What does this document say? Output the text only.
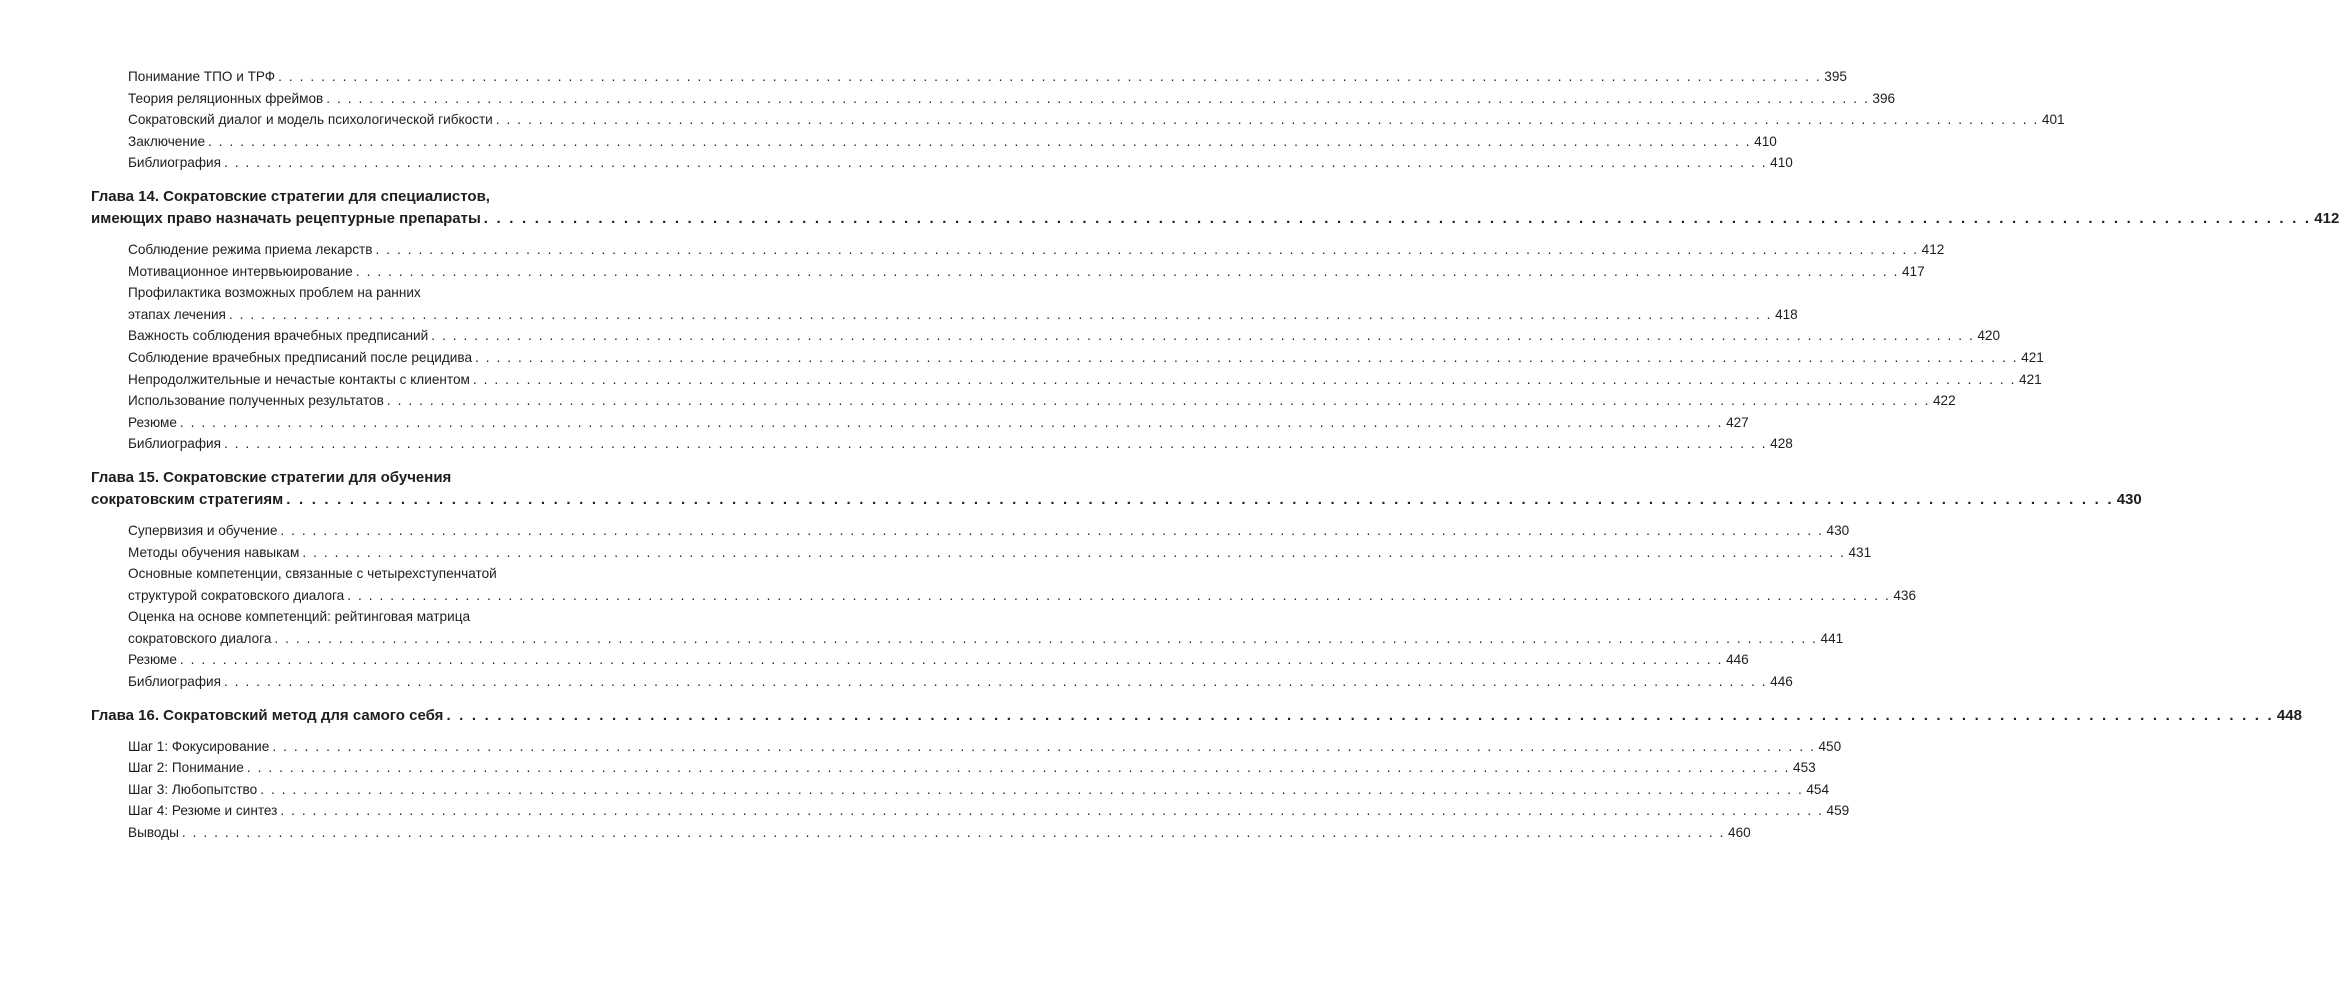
Понимание ТПО и ТРФ . . .	395
Теория реляционных фреймов . . .	396
Сократовский диалог и модель психологической гибкости . . .	401
Заключение . . .	410
Библиография . . .	410
Глава 14. Сократовские стратегии для специалистов,
имеющих право назначать рецептурные препараты . . .	412
Соблюдение режима приема лекарств . . .	412
Мотивационное интервьюирование . . .	417
Профилактика возможных проблем на ранних
этапах лечения . . .	418
Важность соблюдения врачебных предписаний . . .	420
Соблюдение врачебных предписаний после рецидива . . .	421
Непродолжительные и нечастые контакты с клиентом . . .	421
Использование полученных результатов . . .	422
Резюме . . .	427
Библиография . . .	428
Глава 15. Сократовские стратегии для обучения
сократовским стратегиям . . .	430
Супервизия и обучение . . .	430
Методы обучения навыкам . . .	431
Основные компетенции, связанные с четырехступенчатой
структурой сократовского диалога . . .	436
Оценка на основе компетенций: рейтинговая матрица
сократовского диалога . . .	441
Резюме . . .	446
Библиография . . .	446
Глава 16. Сократовский метод для самого себя . . .	448
Шаг 1: Фокусирование . . .	450
Шаг 2: Понимание . . .	453
Шаг 3: Любопытство . . .	454
Шаг 4: Резюме и синтез . . .	459
Выводы . . .	460
